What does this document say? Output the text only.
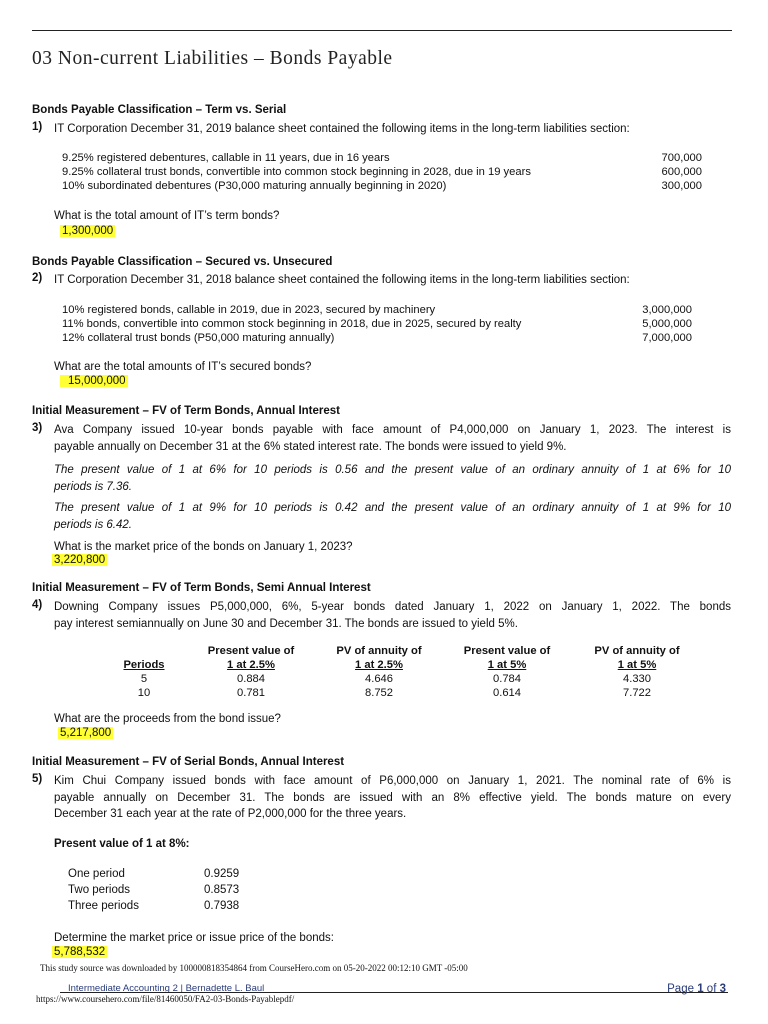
03 Non-current Liabilities – Bonds Payable
Bonds Payable Classification – Term vs. Serial
1) IT Corporation December 31, 2019 balance sheet contained the following items in the long-term liabilities section:
9.25% registered debentures, callable in 11 years, due in 16 years	700,000
9.25% collateral trust bonds, convertible into common stock beginning in 2028, due in 19 years	600,000
10% subordinated debentures (P30,000 maturing annually beginning in 2020)	300,000
What is the total amount of IT’s term bonds?
1,300,000
Bonds Payable Classification – Secured vs. Unsecured
2) IT Corporation December 31, 2018 balance sheet contained the following items in the long-term liabilities section:
10% registered bonds, callable in 2019, due in 2023, secured by machinery	3,000,000
11% bonds, convertible into common stock beginning in 2018, due in 2025, secured by realty	5,000,000
12% collateral trust bonds (P50,000 maturing annually)	7,000,000
What are the total amounts of IT’s secured bonds?
15,000,000
Initial Measurement – FV of Term Bonds, Annual Interest
3) Ava Company issued 10-year bonds payable with face amount of P4,000,000 on January 1, 2023. The interest is
payable annually on December 31 at the 6% stated interest rate. The bonds were issued to yield 9%.
The present value of 1 at 6% for 10 periods is 0.56 and the present value of an ordinary annuity of 1 at 6% for 10
periods is 7.36.
The present value of 1 at 9% for 10 periods is 0.42 and the present value of an ordinary annuity of 1 at 9% for 10
periods is 6.42.
What is the market price of the bonds on January 1, 2023?
3,220,800
Initial Measurement – FV of Term Bonds, Semi Annual Interest
4) Downing Company issues P5,000,000, 6%, 5-year bonds dated January 1, 2022 on January 1, 2022. The bonds
pay interest semiannually on June 30 and December 31. The bonds are issued to yield 5%.
	Present value of	PV of annuity of	Present value of	PV of annuity of
Periods	1 at 2.5%	1 at 2.5%	1 at 5%	1 at 5%
5	0.884	4.646	0.784	4.330
10	0.781	8.752	0.614	7.722
What are the proceeds from the bond issue?
5,217,800
Initial Measurement – FV of Serial Bonds, Annual Interest
5) Kim Chui Company issued bonds with face amount of P6,000,000 on January 1, 2021. The nominal rate of 6% is
payable annually on December 31. The bonds are issued with an 8% effective yield. The bonds mature on every
December 31 each year at the rate of P2,000,000 for the three years.
Present value of 1 at 8%:
One period	0.9259
Two periods	0.8573
Three periods	0.7938
Determine the market price or issue price of the bonds:
5,788,532
This study source was downloaded by 100000818354864 from CourseHero.com on 05-20-2022 00:12:10 GMT -05:00
Intermediate Accounting 2 | Bernadette L. Baul
https://www.coursehero.com/file/81460050/FA2-03-Bonds-Payablepdf/
Page 1 of 3
